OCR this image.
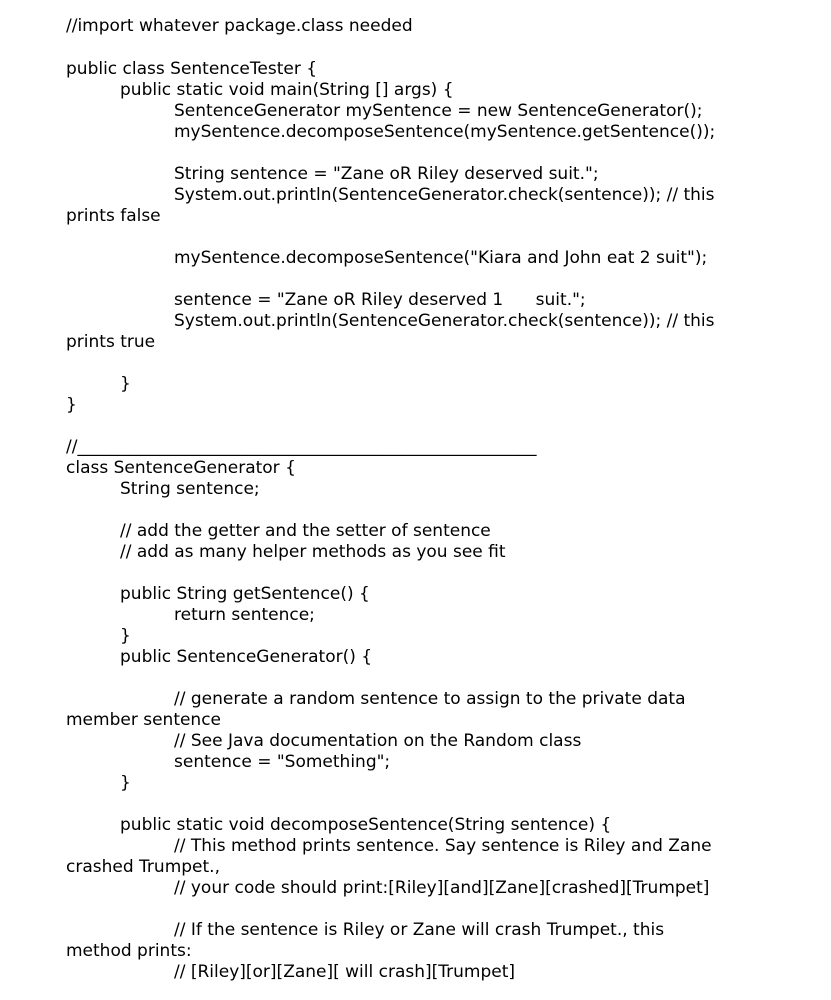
//import whatever package.class needed
public class SentenceTester {
public static void main(String [] args) {
SentenceGenerator mySentence = new SentenceGenerator();
mySentence.decomposeSentence(mySentence.getSentence());
String sentence = "Zane oR Riley deserved suit.";
System.out.println(SentenceGenerator.check(sentence)); // this
prints false
mySentence.decomposeSentence("Kiara and John eat 2 suit");
sentence = "Zane oR Riley deserved 1      suit.";
System.out.println(SentenceGenerator.check(sentence)); // this
prints true
}
}
//______________________________________________________
class SentenceGenerator {
String sentence;
// add the getter and the setter of sentence
// add as many helper methods as you see fit
public String getSentence() {
return sentence;
}
public SentenceGenerator() {
// generate a random sentence to assign to the private data
member sentence
// See Java documentation on the Random class
sentence = "Something";
}
public static void decomposeSentence(String sentence) {
// This method prints sentence. Say sentence is Riley and Zane
crashed Trumpet.,
// your code should print:[Riley][and][Zane][crashed][Trumpet]
// If the sentence is Riley or Zane will crash Trumpet., this
method prints:
// [Riley][or][Zane][ will crash][Trumpet]
